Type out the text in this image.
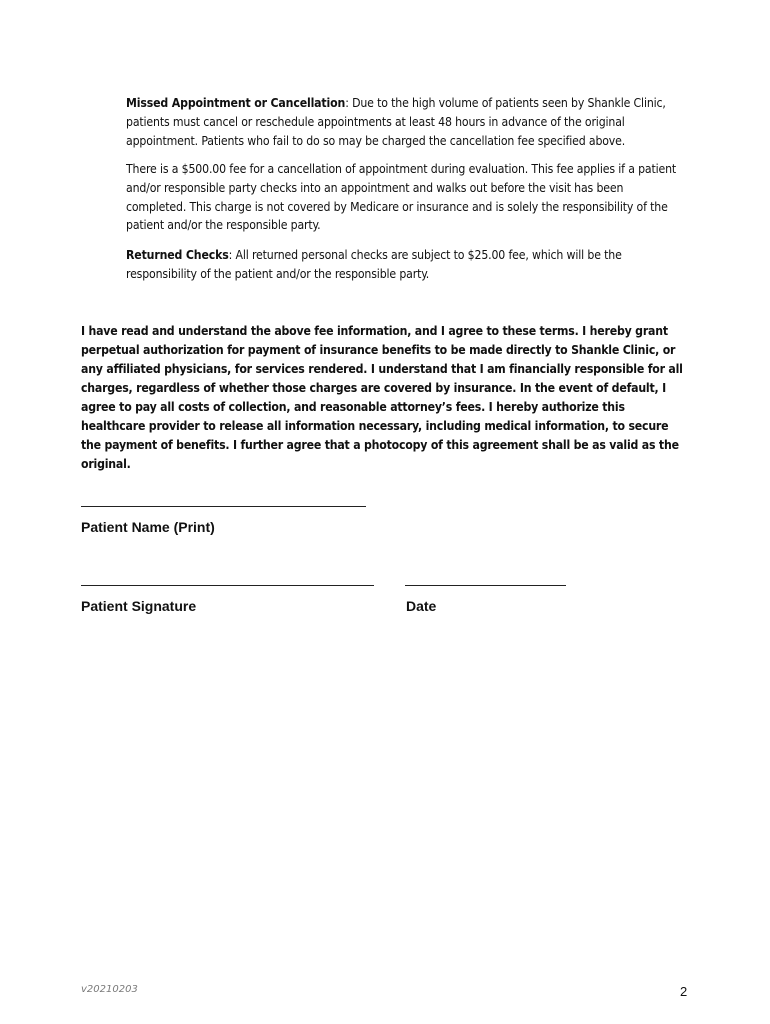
Missed Appointment or Cancellation: Due to the high volume of patients seen by Shankle Clinic, patients must cancel or reschedule appointments at least 48 hours in advance of the original appointment. Patients who fail to do so may be charged the cancellation fee specified above.

There is a $500.00 fee for a cancellation of appointment during evaluation. This fee applies if a patient and/or responsible party checks into an appointment and walks out before the visit has been completed. This charge is not covered by Medicare or insurance and is solely the responsibility of the patient and/or the responsible party.

Returned Checks: All returned personal checks are subject to $25.00 fee, which will be the responsibility of the patient and/or the responsible party.

I have read and understand the above fee information, and I agree to these terms. I hereby grant perpetual authorization for payment of insurance benefits to be made directly to Shankle Clinic, or any affiliated physicians, for services rendered. I understand that I am financially responsible for all charges, regardless of whether those charges are covered by insurance. In the event of default, I agree to pay all costs of collection, and reasonable attorney’s fees. I hereby authorize this healthcare provider to release all information necessary, including medical information, to secure the payment of benefits. I further agree that a photocopy of this agreement shall be as valid as the original.

Patient Name (Print)
Patient Signature	Date
v20210203	2
